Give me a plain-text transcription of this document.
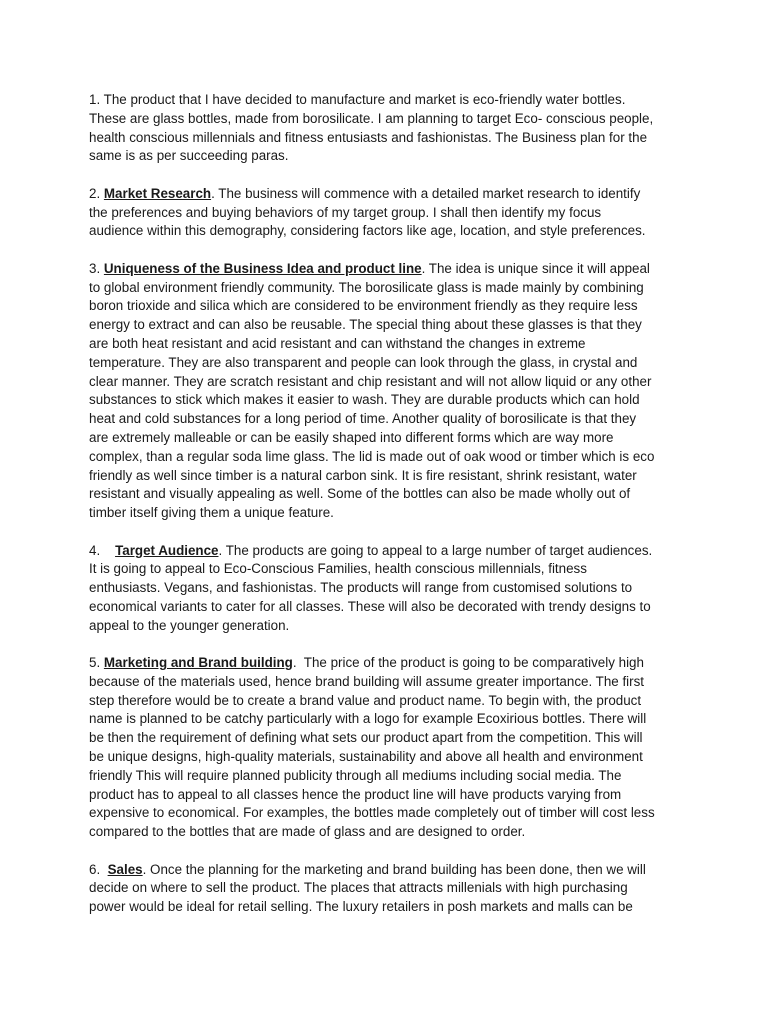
1. The product that I have decided to manufacture and market is eco-friendly water bottles.
These are glass bottles, made from borosilicate. I am planning to target Eco- conscious people,
health conscious millennials and fitness entusiasts and fashionistas. The Business plan for the
same is as per succeeding paras.
2. Market Research. The business will commence with a detailed market research to identify
the preferences and buying behaviors of my target group. I shall then identify my focus
audience within this demography, considering factors like age, location, and style preferences.
3. Uniqueness of the Business Idea and product line. The idea is unique since it will appeal
to global environment friendly community. The borosilicate glass is made mainly by combining
boron trioxide and silica which are considered to be environment friendly as they require less
energy to extract and can also be reusable. The special thing about these glasses is that they
are both heat resistant and acid resistant and can withstand the changes in extreme
temperature. They are also transparent and people can look through the glass, in crystal and
clear manner. They are scratch resistant and chip resistant and will not allow liquid or any other
substances to stick which makes it easier to wash. They are durable products which can hold
heat and cold substances for a long period of time. Another quality of borosilicate is that they
are extremely malleable or can be easily shaped into different forms which are way more
complex, than a regular soda lime glass. The lid is made out of oak wood or timber which is eco
friendly as well since timber is a natural carbon sink. It is fire resistant, shrink resistant, water
resistant and visually appealing as well. Some of the bottles can also be made wholly out of
timber itself giving them a unique feature.
4.    Target Audience. The products are going to appeal to a large number of target audiences.
It is going to appeal to Eco-Conscious Families, health conscious millennials, fitness
enthusiasts. Vegans, and fashionistas. The products will range from customised solutions to
economical variants to cater for all classes. These will also be decorated with trendy designs to
appeal to the younger generation.
5. Marketing and Brand building.  The price of the product is going to be comparatively high
because of the materials used, hence brand building will assume greater importance. The first
step therefore would be to create a brand value and product name. To begin with, the product
name is planned to be catchy particularly with a logo for example Ecoxirious bottles. There will
be then the requirement of defining what sets our product apart from the competition. This will
be unique designs, high-quality materials, sustainability and above all health and environment
friendly This will require planned publicity through all mediums including social media. The
product has to appeal to all classes hence the product line will have products varying from
expensive to economical. For examples, the bottles made completely out of timber will cost less
compared to the bottles that are made of glass and are designed to order.
6.  Sales. Once the planning for the marketing and brand building has been done, then we will
decide on where to sell the product. The places that attracts millenials with high purchasing
power would be ideal for retail selling. The luxury retailers in posh markets and malls can be
